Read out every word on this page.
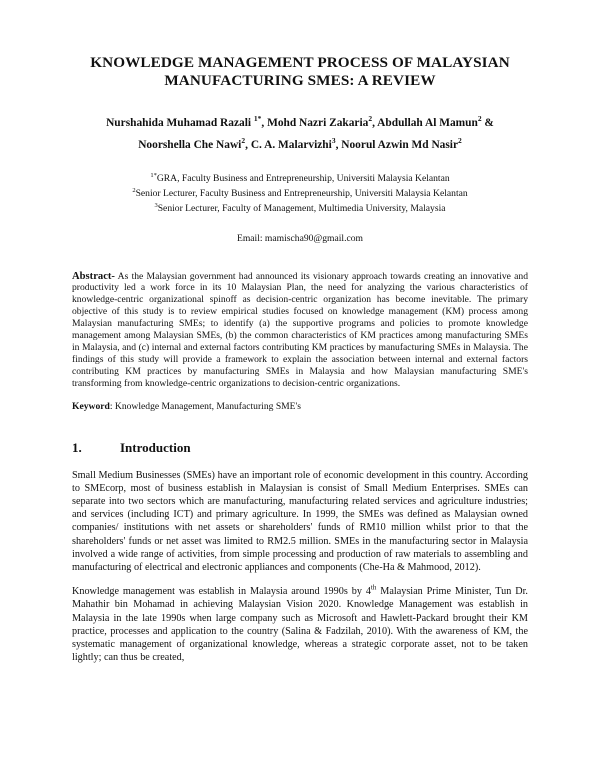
KNOWLEDGE MANAGEMENT PROCESS OF MALAYSIAN
MANUFACTURING SMES: A REVIEW
Nurshahida Muhamad Razali $^{1*}$, Mohd Nazri Zakaria$^2$, Abdullah Al Mamun$^2$ &
Noorshella Che Nawi$^2$, C. A. Malarvizhi$^3$, Noorul Azwin Md Nasir$^2$
$^{1*}$GRA, Faculty Business and Entrepreneurship, Universiti Malaysia Kelantan
$^2$Senior Lecturer, Faculty Business and Entrepreneurship, Universiti Malaysia Kelantan
$^3$Senior Lecturer, Faculty of Management, Multimedia University, Malaysia
Email: mamischa90@gmail.com
Abstract- As the Malaysian government had announced its visionary approach towards creating an innovative and productivity led a work force in its 10 Malaysian Plan, the need for analyzing the various characteristics of knowledge-centric organizational spinoff as decision-centric organization has become inevitable. The primary objective of this study is to review empirical studies focused on knowledge management (KM) process among Malaysian manufacturing SMEs; to identify (a) the supportive programs and policies to promote knowledge management among Malaysian SMEs, (b) the common characteristics of KM practices among manufacturing SMEs in Malaysia, and (c) internal and external factors contributing KM practices by manufacturing SMEs in Malaysia. The findings of this study will provide a framework to explain the association between internal and external factors contributing KM practices by manufacturing SMEs in Malaysia and how Malaysian manufacturing SME's transforming from knowledge-centric organizations to decision-centric organizations.
Keyword: Knowledge Management, Manufacturing SME's
1.	Introduction

Small Medium Businesses (SMEs) have an important role of economic development in this country. According to SMEcorp, most of business establish in Malaysian is consist of Small Medium Enterprises. SMEs can separate into two sectors which are manufacturing, manufacturing related services and agriculture industries; and services (including ICT) and primary agriculture. In 1999, the SMEs was defined as Malaysian owned companies/ institutions with net assets or shareholders' funds of RM10 million whilst prior to that the shareholders' funds or net asset was limited to RM2.5 million. SMEs in the manufacturing sector in Malaysia involved a wide range of activities, from simple processing and production of raw materials to assembling and manufacturing of electrical and electronic appliances and components (Che-Ha & Mahmood, 2012).

Knowledge management was establish in Malaysia around 1990s by 4th Malaysian Prime Minister, Tun Dr. Mahathir bin Mohamad in achieving Malaysian Vision 2020. Knowledge Management was establish in Malaysia in the late 1990s when large company such as Microsoft and Hawlett-Packard brought their KM practice, processes and application to the country (Salina & Fadzilah, 2010). With the awareness of KM, the systematic management of organizational knowledge, whereas a strategic corporate asset, not to be taken lightly; can thus be created,
